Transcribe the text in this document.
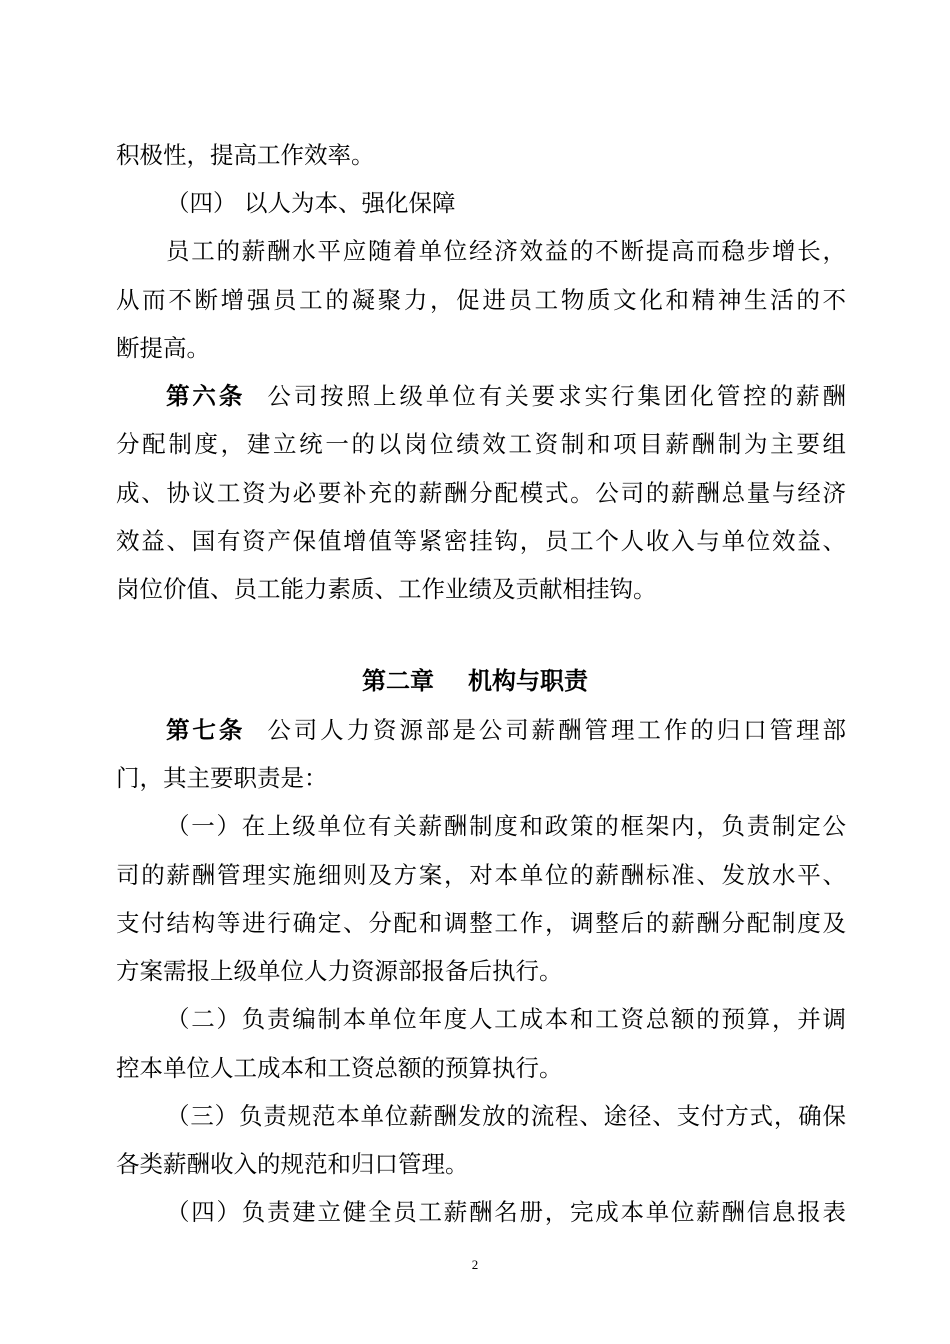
积极性，提高工作效率。
（四） 以人为本、强化保障
员工的薪酬水平应随着单位经济效益的不断提高而稳步增长，
从而不断增强员工的凝聚力，促进员工物质文化和精神生活的不
断提高。
第六条 公司按照上级单位有关要求实行集团化管控的薪酬
分配制度，建立统一的以岗位绩效工资制和项目薪酬制为主要组
成、协议工资为必要补充的薪酬分配模式。公司的薪酬总量与经济
效益、国有资产保值增值等紧密挂钩，员工个人收入与单位效益、
岗位价值、员工能力素质、工作业绩及贡献相挂钩。
第二章 机构与职责
第七条 公司人力资源部是公司薪酬管理工作的归口管理部
门，其主要职责是：
（一）在上级单位有关薪酬制度和政策的框架内，负责制定公
司的薪酬管理实施细则及方案，对本单位的薪酬标准、发放水平、
支付结构等进行确定、分配和调整工作，调整后的薪酬分配制度及
方案需报上级单位人力资源部报备后执行。
（二）负责编制本单位年度人工成本和工资总额的预算，并调
控本单位人工成本和工资总额的预算执行。
（三）负责规范本单位薪酬发放的流程、途径、支付方式，确保
各类薪酬收入的规范和归口管理。
（四）负责建立健全员工薪酬名册，完成本单位薪酬信息报表
2
